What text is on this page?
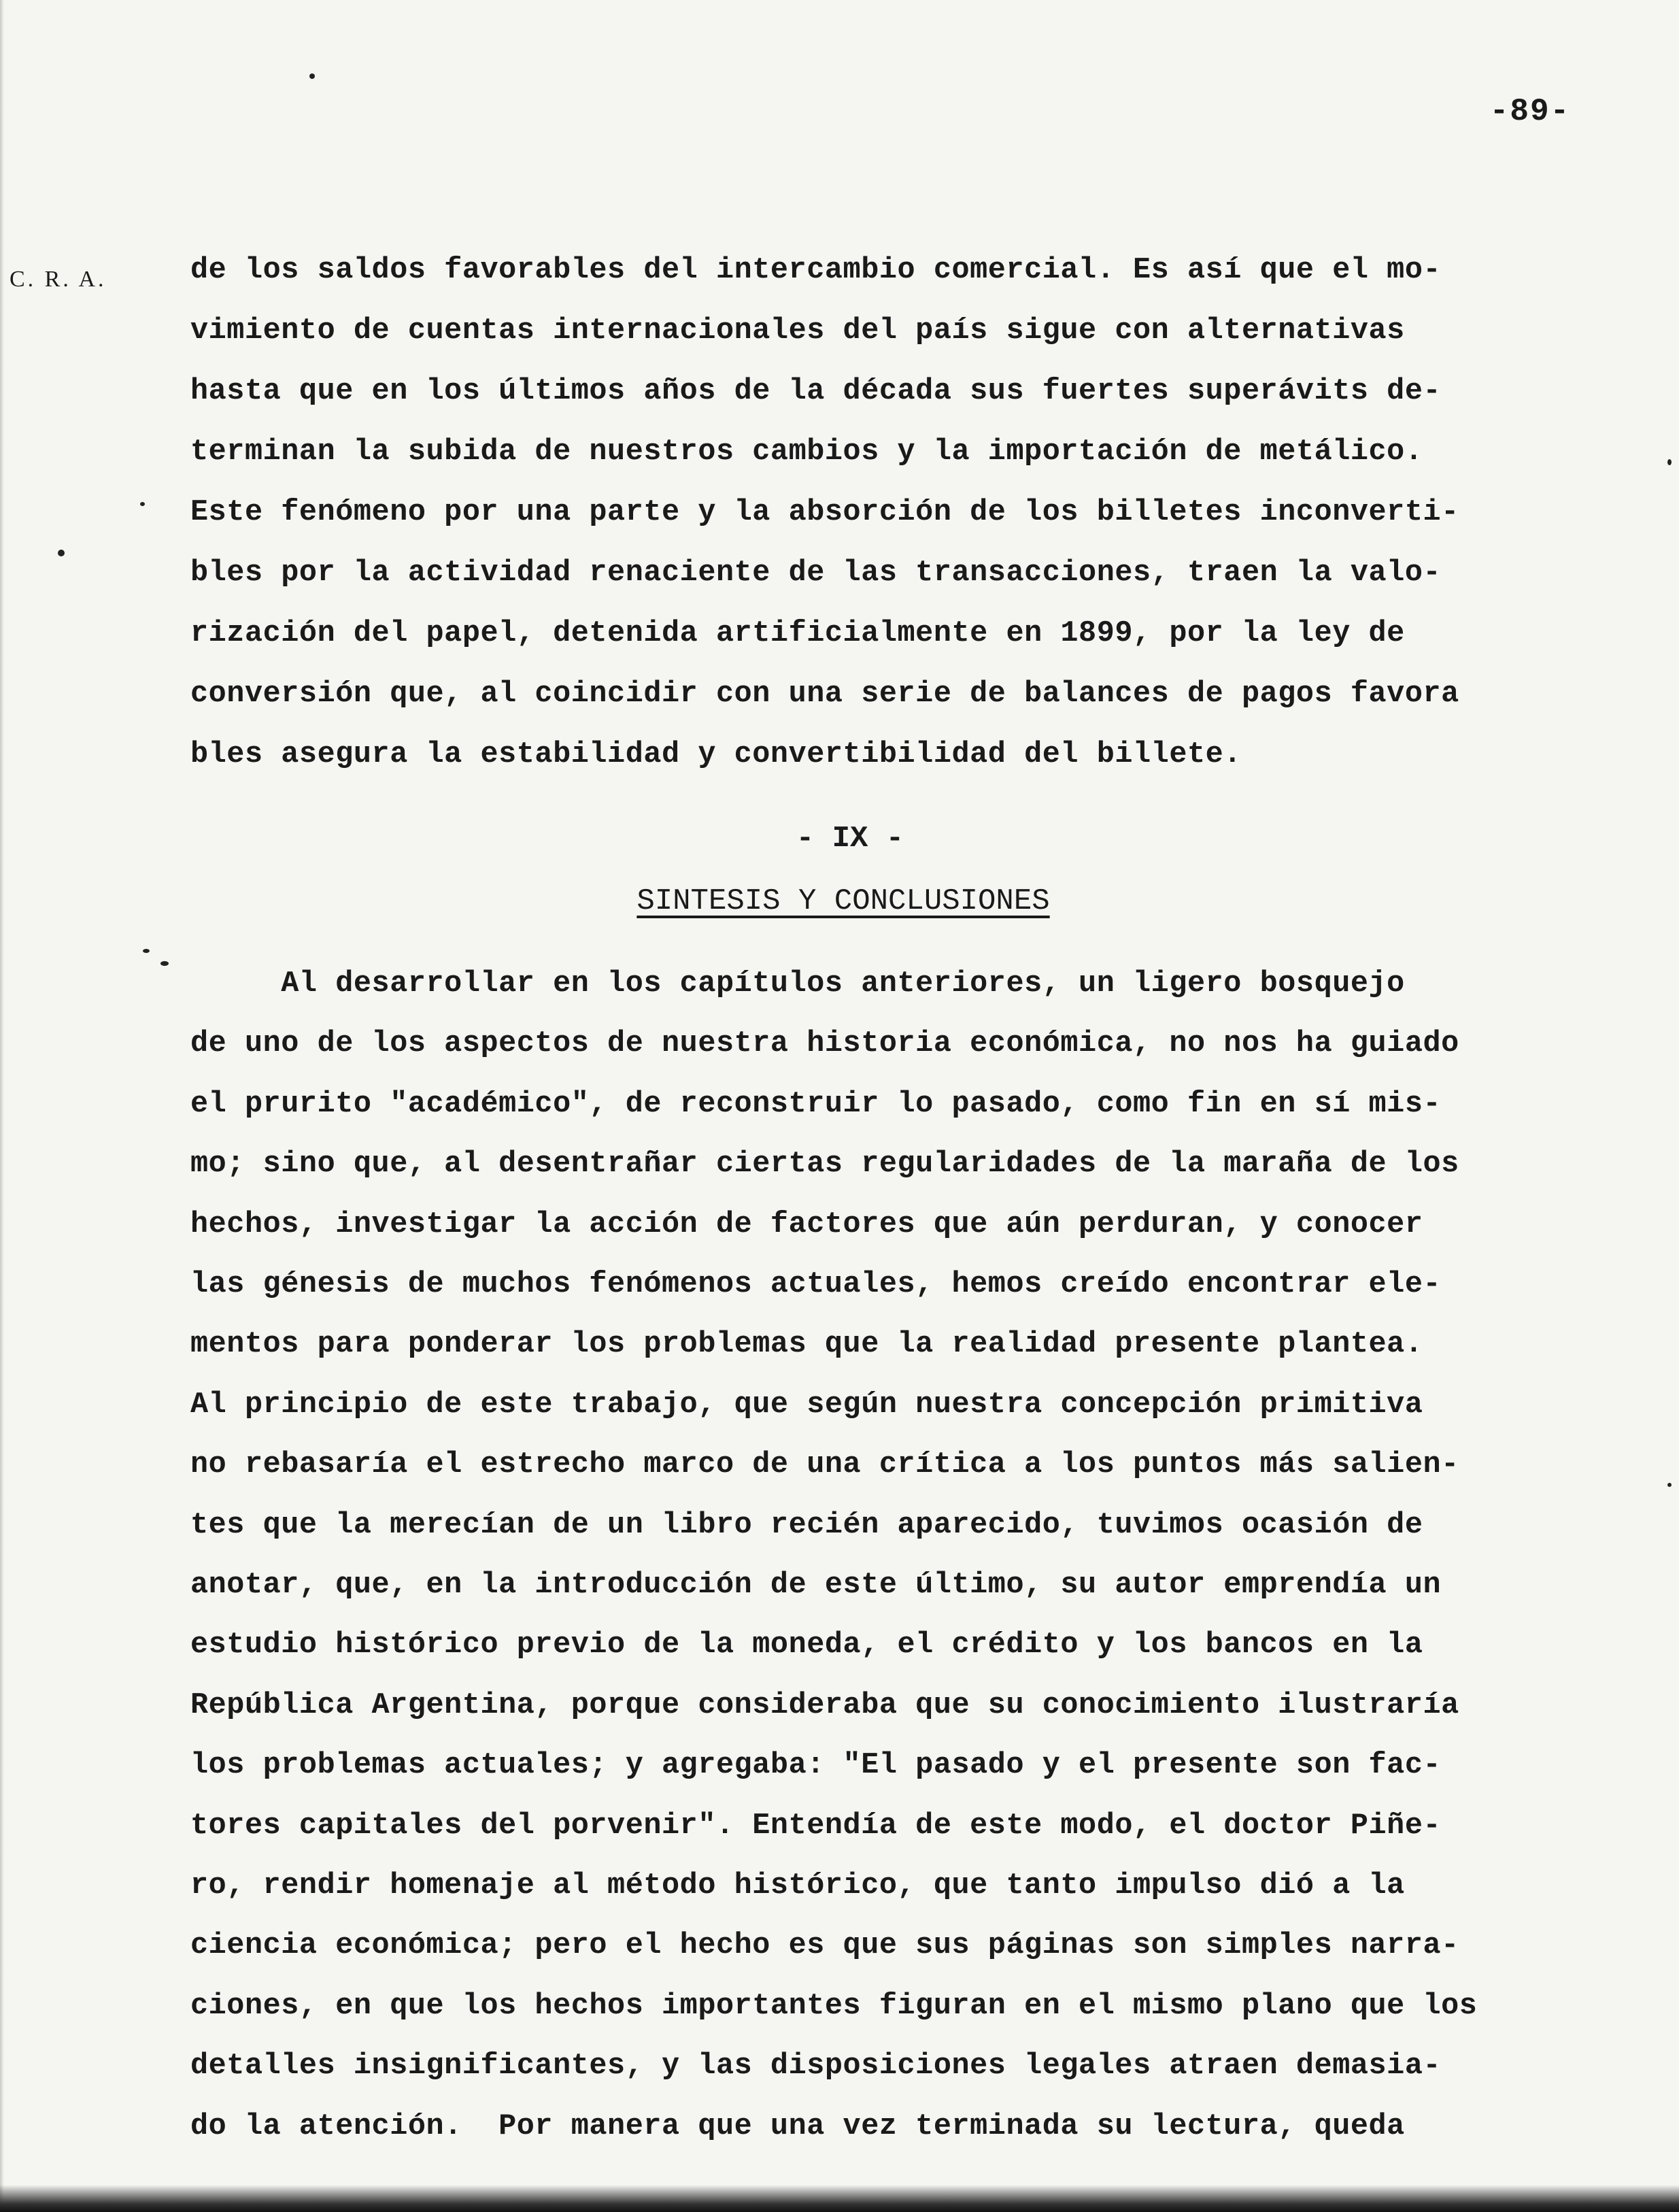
-89-
C. R. A.	de los saldos favorables del intercambio comercial. Es así que el mo-
vimiento de cuentas internacionales del país sigue con alternativas
hasta que en los últimos años de la década sus fuertes superávits de-
terminan la subida de nuestros cambios y la importación de metálico.
Este fenómeno por una parte y la absorción de los billetes inconverti-
bles por la actividad renaciente de las transacciones, traen la valo-
rización del papel, detenida artificialmente en 1899, por la ley de
conversión que, al coincidir con una serie de balances de pagos favora
bles asegura la estabilidad y convertibilidad del billete.
- IX -
SINTESIS Y CONCLUSIONES
Al desarrollar en los capítulos anteriores, un ligero bosquejo
de uno de los aspectos de nuestra historia económica, no nos ha guiado
el prurito "académico", de reconstruir lo pasado, como fin en sí mis-
mo; sino que, al desentrañar ciertas regularidades de la maraña de los
hechos, investigar la acción de factores que aún perduran, y conocer
las génesis de muchos fenómenos actuales, hemos creído encontrar ele-
mentos para ponderar los problemas que la realidad presente plantea.
Al principio de este trabajo, que según nuestra concepción primitiva
no rebasaría el estrecho marco de una crítica a los puntos más salien-
tes que la merecían de un libro recién aparecido, tuvimos ocasión de
anotar, que, en la introducción de este último, su autor emprendía un
estudio histórico previo de la moneda, el crédito y los bancos en la
República Argentina, porque consideraba que su conocimiento ilustraría
los problemas actuales; y agregaba: "El pasado y el presente son fac-
tores capitales del porvenir". Entendía de este modo, el doctor Piñe-
ro, rendir homenaje al método histórico, que tanto impulso dió a la
ciencia económica; pero el hecho es que sus páginas son simples narra-
ciones, en que los hechos importantes figuran en el mismo plano que los
detalles insignificantes, y las disposiciones legales atraen demasia-
do la atención.  Por manera que una vez terminada su lectura, queda
